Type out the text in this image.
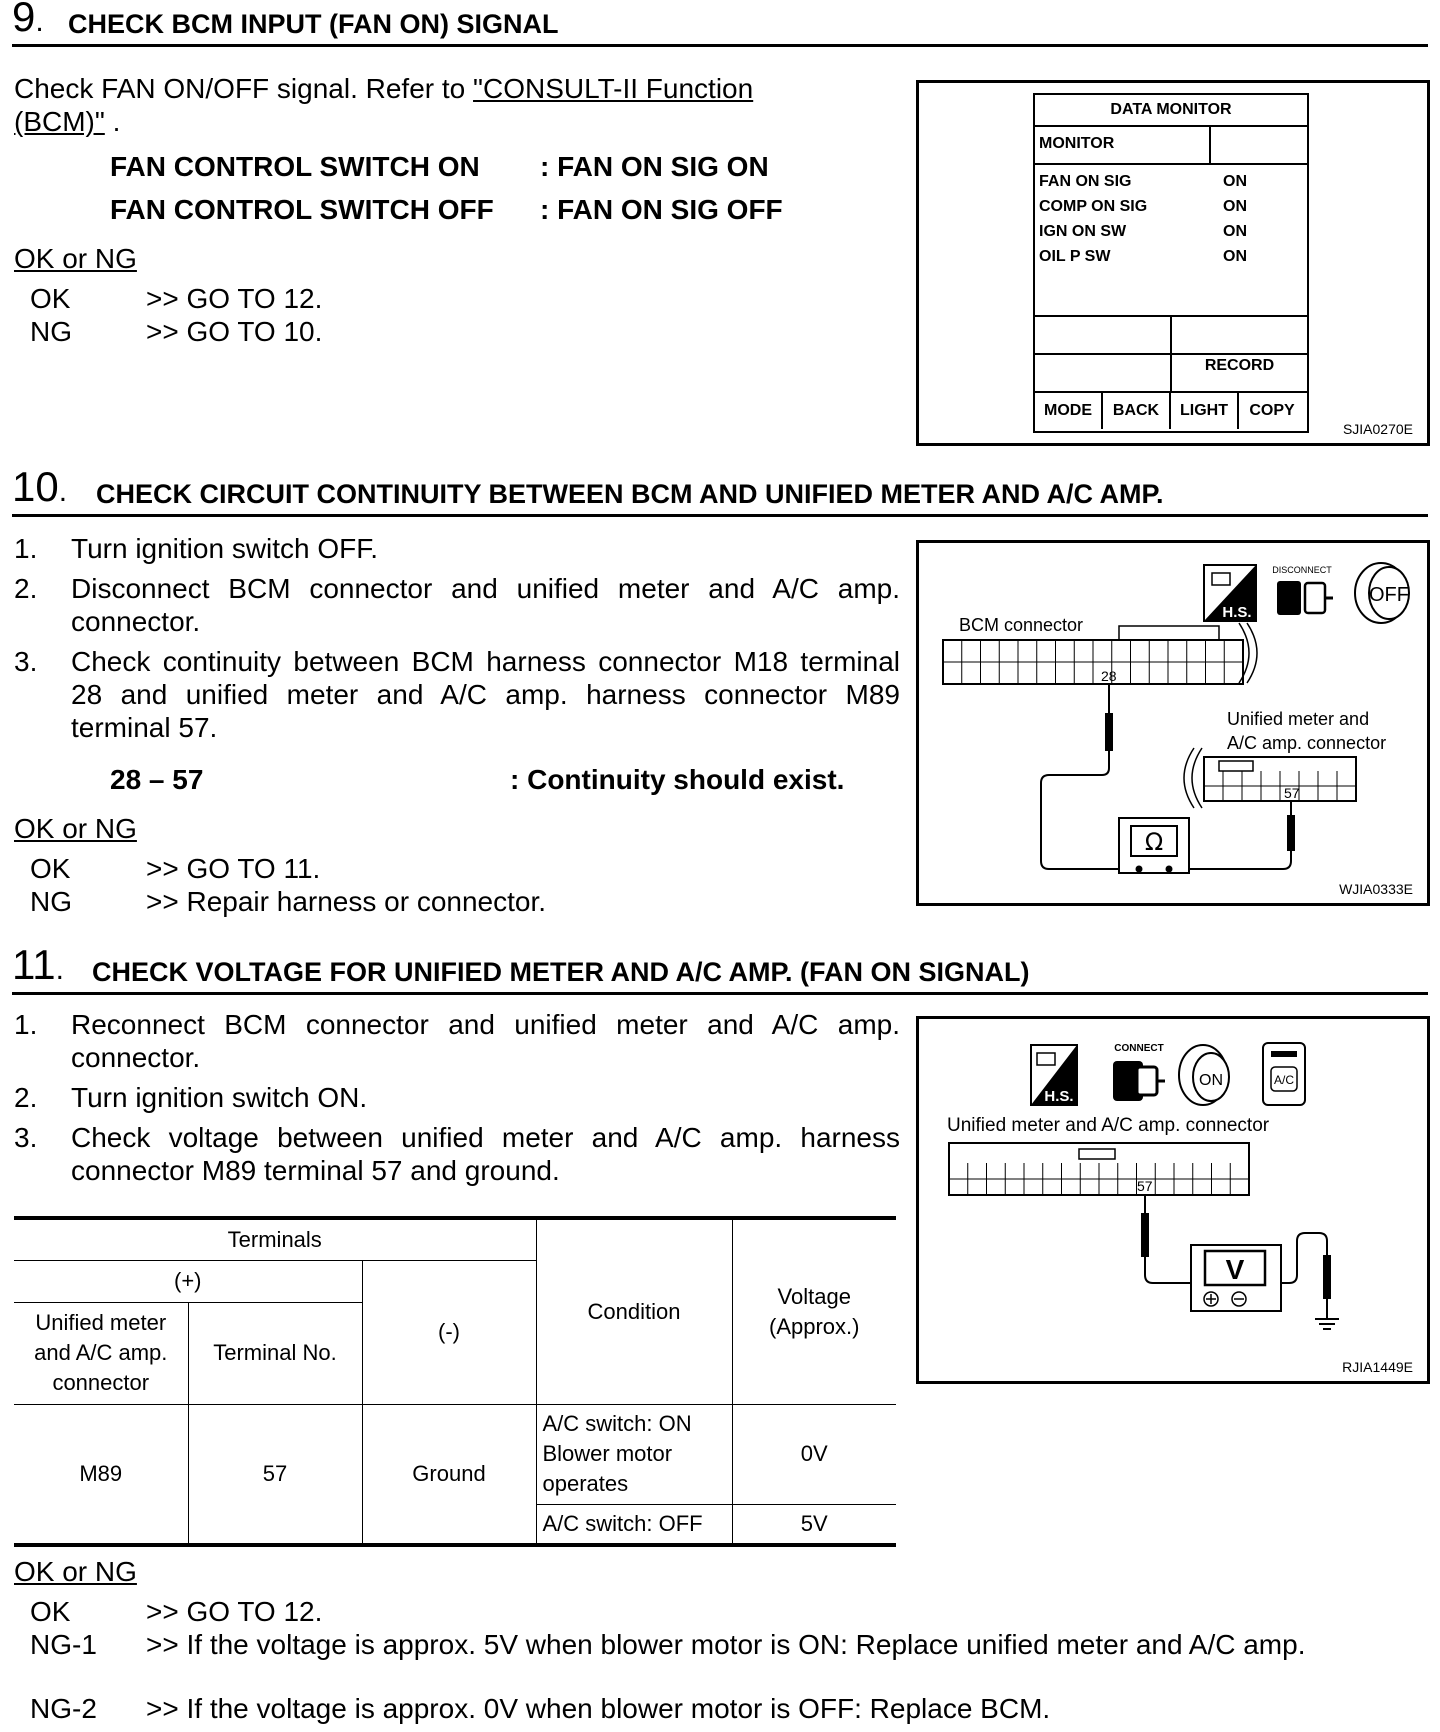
9. CHECK BCM INPUT (FAN ON) SIGNAL
Check FAN ON/OFF signal. Refer to "CONSULT-II Function (BCM)" .
FAN CONTROL SWITCH ON : FAN ON SIG ON
FAN CONTROL SWITCH OFF : FAN ON SIG OFF
OK or NG
OK	>> GO TO 12.
NG	>> GO TO 10.
DATA MONITOR
MONITOR
FAN ON SIG	ON
COMP ON SIG	ON
IGN ON SW	ON
OIL P SW	ON
RECORD
MODE	BACK	LIGHT	COPY
SJIA0270E
10. CHECK CIRCUIT CONTINUITY BETWEEN BCM AND UNIFIED METER AND A/C AMP.
1. Turn ignition switch OFF.
2. Disconnect BCM connector and unified meter and A/C amp. connector.
3. Check continuity between BCM harness connector M18 terminal 28 and unified meter and A/C amp. harness connector M89 terminal 57.
28 – 57	: Continuity should exist.
OK or NG
OK	>> GO TO 11.
NG	>> Repair harness or connector.
H.S.
DISCONNECT
OFF
BCM connector
28
Unified meter and
A/C amp. connector
57
Ω
WJIA0333E
11. CHECK VOLTAGE FOR UNIFIED METER AND A/C AMP. (FAN ON SIGNAL)
1. Reconnect BCM connector and unified meter and A/C amp. connector.
2. Turn ignition switch ON.
3. Check voltage between unified meter and A/C amp. harness connector M89 terminal 57 and ground.
Terminals			Condition	Voltage (Approx.)
(+)		(-)		
Unified meter and A/C amp. connector	Terminal No.			
M89	57	Ground	A/C switch: ON Blower motor operates	0V
			A/C switch: OFF	5V
OK or NG
OK	>> GO TO 12.
NG-1 >> If the voltage is approx. 5V when blower motor is ON: Replace unified meter and A/C amp.
NG-2 >> If the voltage is approx. 0V when blower motor is OFF: Replace BCM.
H.S.
CONNECT
ON	A/C
Unified meter and A/C amp. connector
57
V
RJIA1449E
